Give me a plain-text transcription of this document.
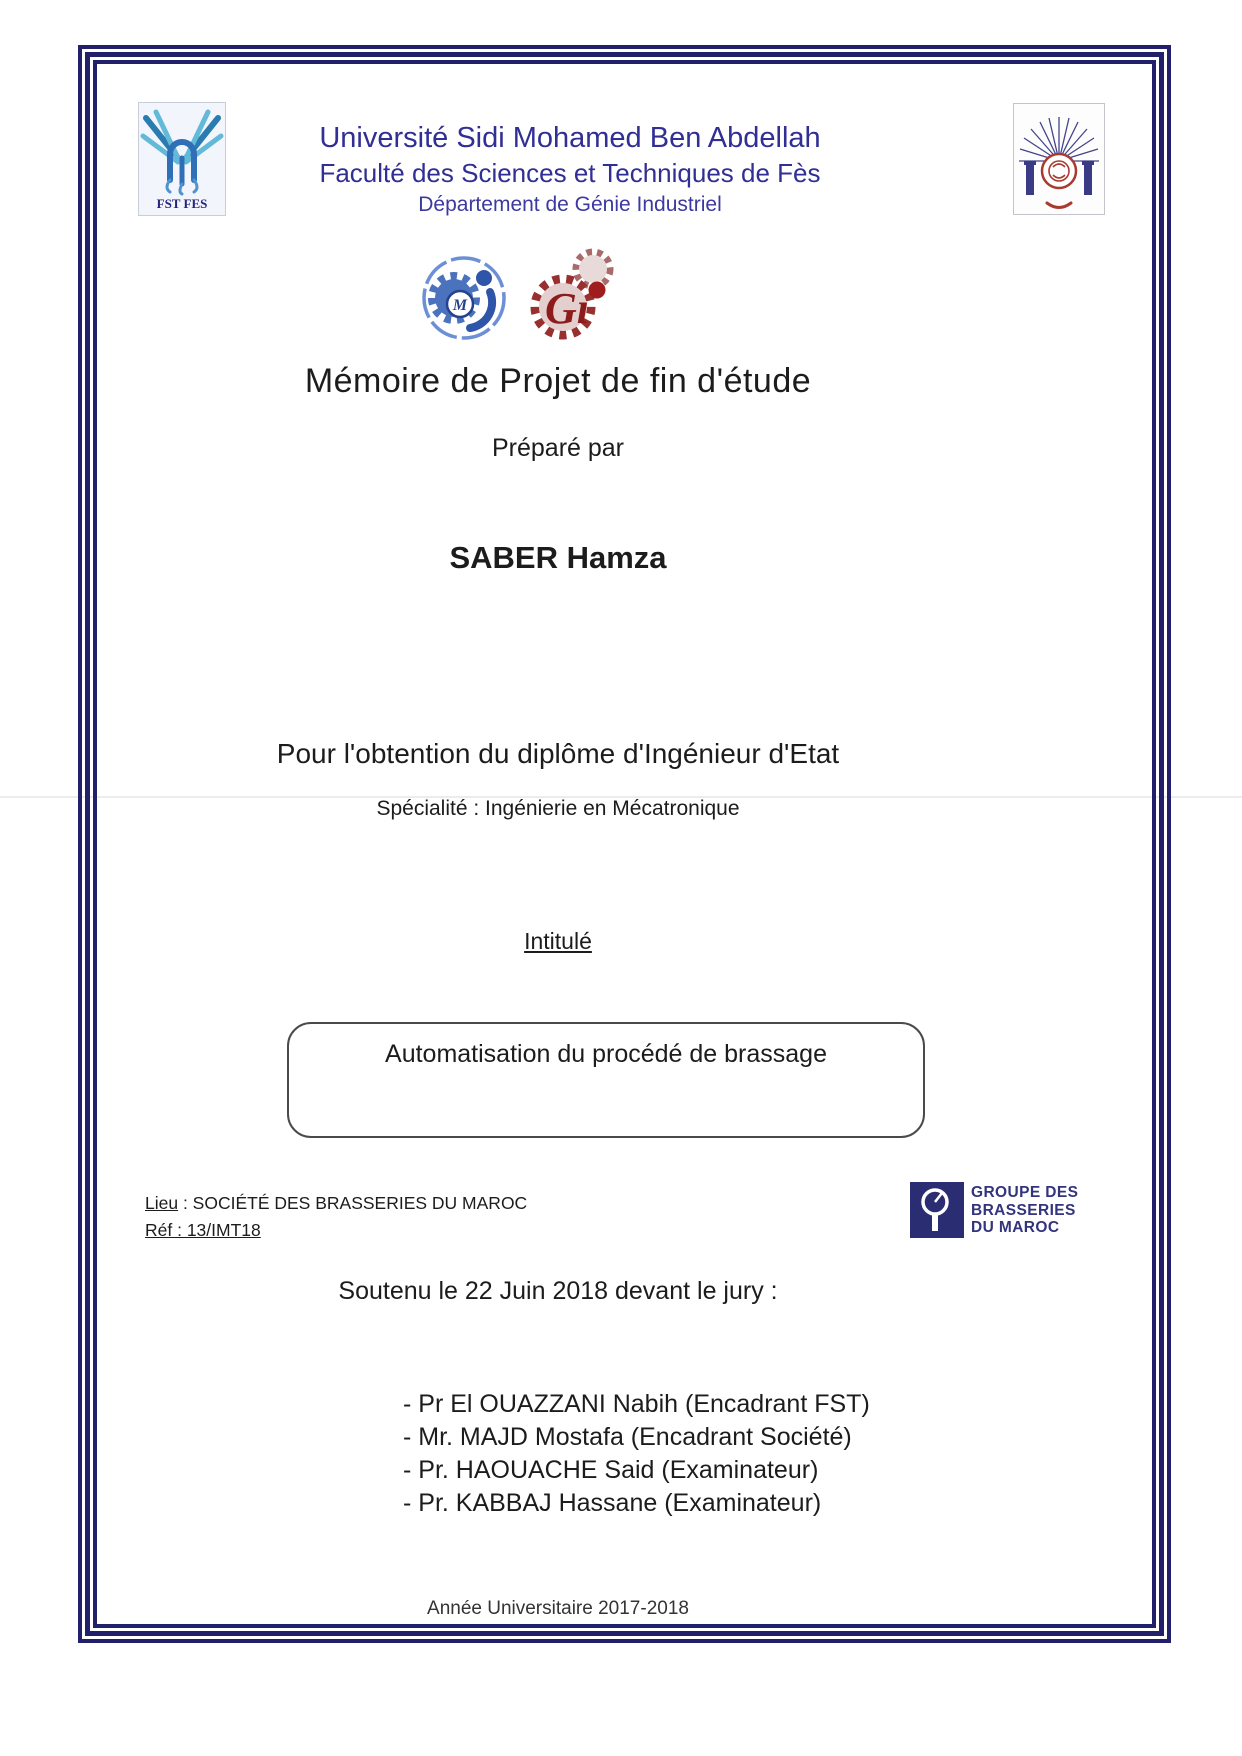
FST FES
Université Sidi Mohamed Ben Abdellah
Faculté des Sciences et Techniques de Fès
Département de Génie Industriel
M Gı
Mémoire de Projet de fin d'étude
Préparé par
SABER Hamza
Pour l'obtention du diplôme d'Ingénieur d'Etat
Spécialité : Ingénierie en Mécatronique
Intitulé
Automatisation du procédé de brassage
Lieu : SOCIÉTÉ DES BRASSERIES DU MAROC
Réf : 13/IMT18
GROUPE DES
BRASSERIES
DU MAROC
Soutenu le 22 Juin 2018 devant le jury :
- Pr El OUAZZANI Nabih (Encadrant FST)
- Mr. MAJD Mostafa (Encadrant Société)
- Pr. HAOUACHE Said (Examinateur)
- Pr. KABBAJ Hassane (Examinateur)
Année Universitaire 2017-2018
